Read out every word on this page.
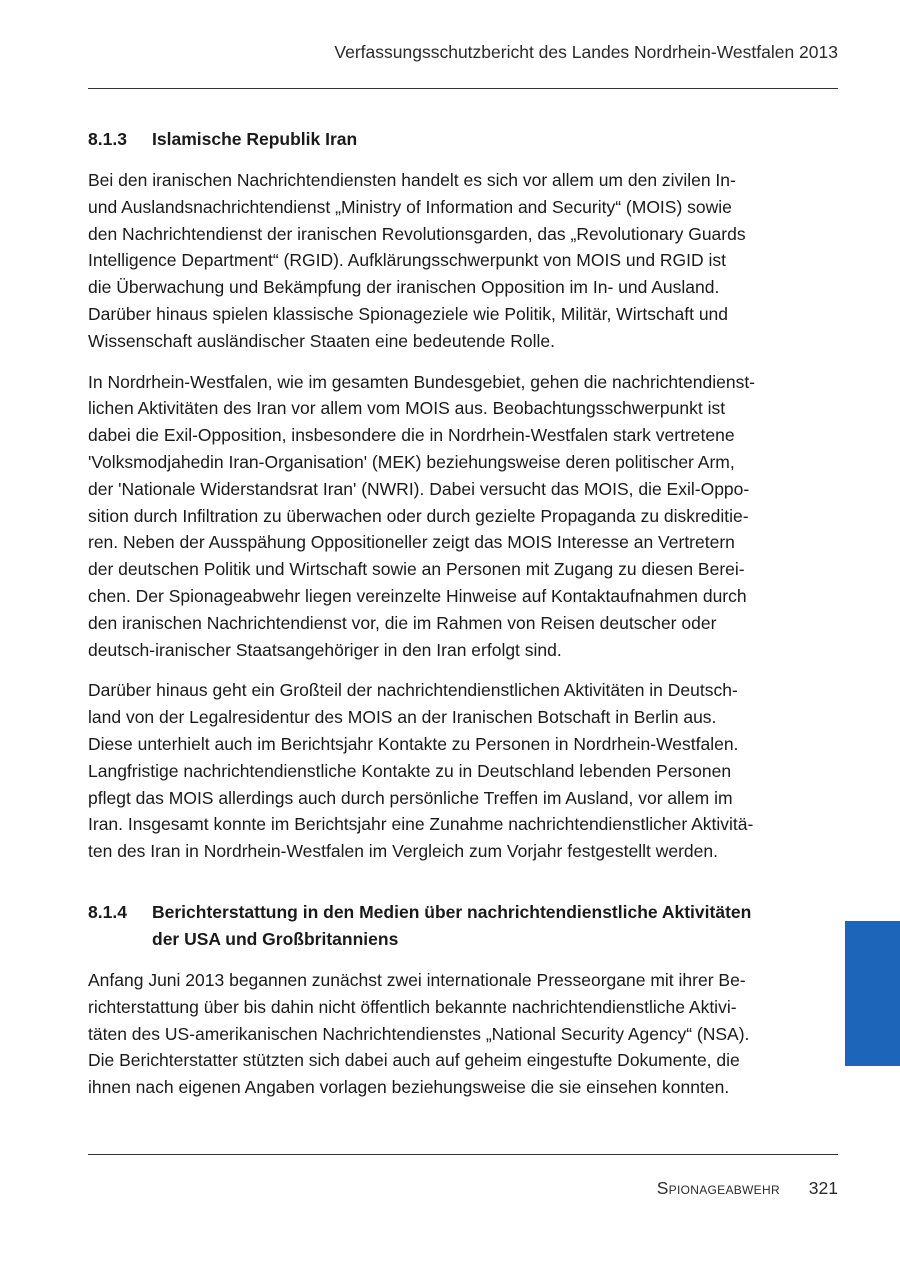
Verfassungsschutzbericht des Landes Nordrhein-Westfalen 2013
8.1.3	Islamische Republik Iran
Bei den iranischen Nachrichtendiensten handelt es sich vor allem um den zivilen In-
und Auslandsnachrichtendienst „Ministry of Information and Security“ (MOIS) sowie
den Nachrichtendienst der iranischen Revolutionsgarden, das „Revolutionary Guards
Intelligence Department“ (RGID). Aufklärungsschwerpunkt von MOIS und RGID ist
die Überwachung und Bekämpfung der iranischen Opposition im In- und Ausland.
Darüber hinaus spielen klassische Spionageziele wie Politik, Militär, Wirtschaft und
Wissenschaft ausländischer Staaten eine bedeutende Rolle.
In Nordrhein-Westfalen, wie im gesamten Bundesgebiet, gehen die nachrichtendienst-
lichen Aktivitäten des Iran vor allem vom MOIS aus. Beobachtungsschwerpunkt ist
dabei die Exil-Opposition, insbesondere die in Nordrhein-Westfalen stark vertretene
'Volksmodjahedin Iran-Organisation' (MEK) beziehungsweise deren politischer Arm,
der 'Nationale Widerstandsrat Iran' (NWRI). Dabei versucht das MOIS, die Exil-Oppo-
sition durch Infiltration zu überwachen oder durch gezielte Propaganda zu diskreditie-
ren. Neben der Ausspähung Oppositioneller zeigt das MOIS Interesse an Vertretern
der deutschen Politik und Wirtschaft sowie an Personen mit Zugang zu diesen Berei-
chen. Der Spionageabwehr liegen vereinzelte Hinweise auf Kontaktaufnahmen durch
den iranischen Nachrichtendienst vor, die im Rahmen von Reisen deutscher oder
deutsch-iranischer Staatsangehöriger in den Iran erfolgt sind.
Darüber hinaus geht ein Großteil der nachrichtendienstlichen Aktivitäten in Deutsch-
land von der Legalresidentur des MOIS an der Iranischen Botschaft in Berlin aus.
Diese unterhielt auch im Berichtsjahr Kontakte zu Personen in Nordrhein-Westfalen.
Langfristige nachrichtendienstliche Kontakte zu in Deutschland lebenden Personen
pflegt das MOIS allerdings auch durch persönliche Treffen im Ausland, vor allem im
Iran. Insgesamt konnte im Berichtsjahr eine Zunahme nachrichtendienstlicher Aktivitä-
ten des Iran in Nordrhein-Westfalen im Vergleich zum Vorjahr festgestellt werden.
8.1.4	Berichterstattung in den Medien über nachrichtendienstliche Aktivitäten
der USA und Großbritanniens
Anfang Juni 2013 begannen zunächst zwei internationale Presseorgane mit ihrer Be-
richterstattung über bis dahin nicht öffentlich bekannte nachrichtendienstliche Aktivi-
täten des US-amerikanischen Nachrichtendienstes „National Security Agency“ (NSA).
Die Berichterstatter stützten sich dabei auch auf geheim eingestufte Dokumente, die
ihnen nach eigenen Angaben vorlagen beziehungsweise die sie einsehen konnten.
Spionageabwehr 321
